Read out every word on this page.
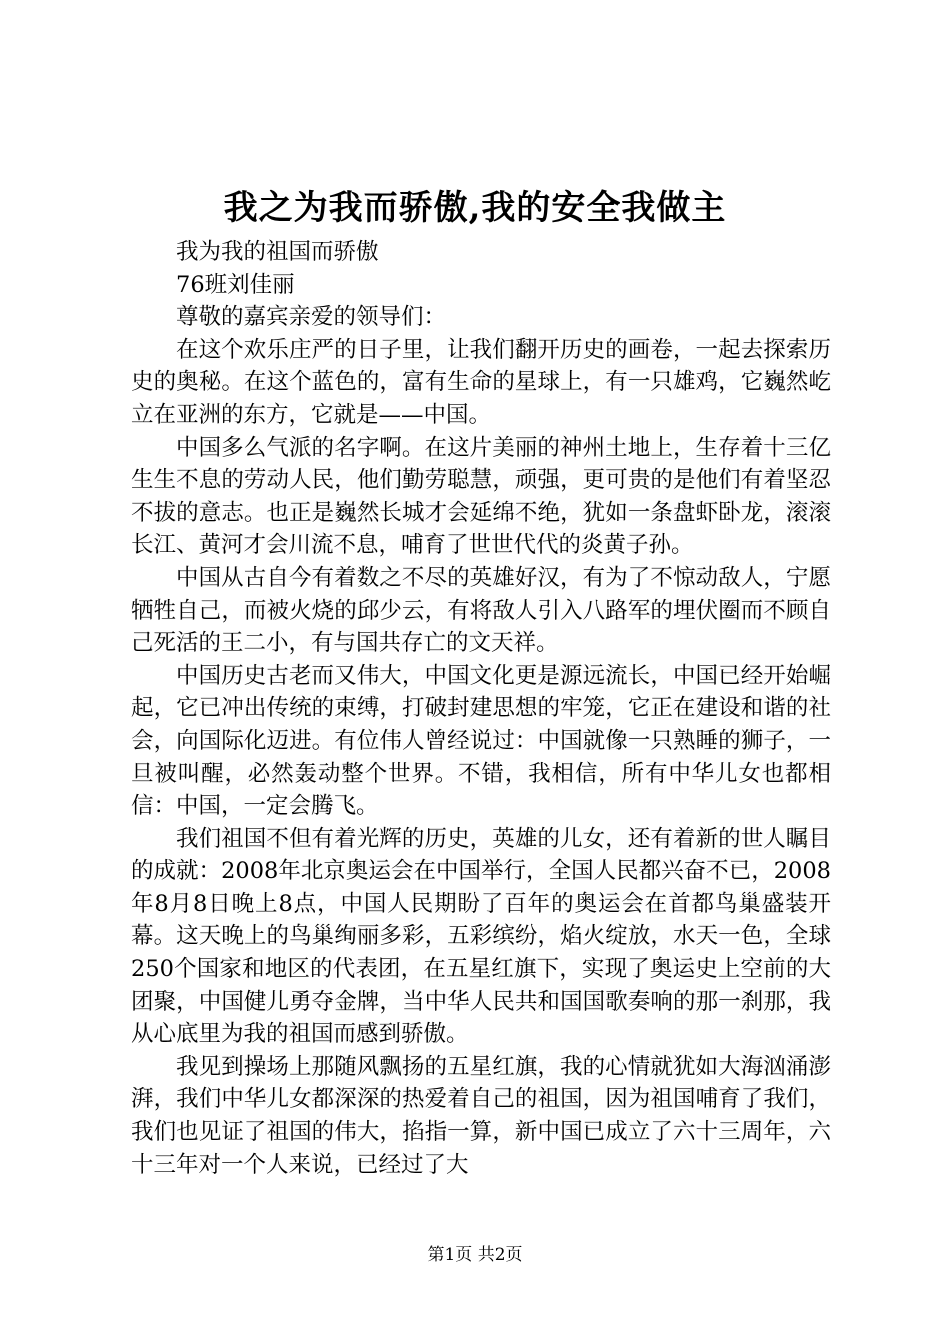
我之为我而骄傲,我的安全我做主

我为我的祖国而骄傲

76班刘佳丽

尊敬的嘉宾亲爱的领导们：

在这个欢乐庄严的日子里，让我们翻开历史的画卷，一起去探索历史的奥秘。在这个蓝色的，富有生命的星球上，有一只雄鸡，它巍然屹立在亚洲的东方，它就是——中国。

中国多么气派的名字啊。在这片美丽的神州土地上，生存着十三亿生生不息的劳动人民，他们勤劳聪慧，顽强，更可贵的是他们有着坚忍不拔的意志。也正是巍然长城才会延绵不绝，犹如一条盘虾卧龙，滚滚长江、黄河才会川流不息，哺育了世世代代的炎黄子孙。

中国从古自今有着数之不尽的英雄好汉，有为了不惊动敌人，宁愿牺牲自己，而被火烧的邱少云，有将敌人引入八路军的埋伏圈而不顾自己死活的王二小，有与国共存亡的文天祥。

中国历史古老而又伟大，中国文化更是源远流长，中国已经开始崛起，它已冲出传统的束缚，打破封建思想的牢笼，它正在建设和谐的社会，向国际化迈进。有位伟人曾经说过：中国就像一只熟睡的狮子，一旦被叫醒，必然轰动整个世界。不错，我相信，所有中华儿女也都相信：中国，一定会腾飞。

我们祖国不但有着光辉的历史，英雄的儿女，还有着新的世人瞩目的成就：2008年北京奥运会在中国举行，全国人民都兴奋不已，2008年8月8日晚上8点，中国人民期盼了百年的奥运会在首都鸟巢盛装开幕。这天晚上的鸟巢绚丽多彩，五彩缤纷，焰火绽放，水天一色，全球250个国家和地区的代表团，在五星红旗下，实现了奥运史上空前的大团聚，中国健儿勇夺金牌，当中华人民共和国国歌奏响的那一刹那，我从心底里为我的祖国而感到骄傲。

我见到操场上那随风飘扬的五星红旗，我的心情就犹如大海汹涌澎湃，我们中华儿女都深深的热爱着自己的祖国，因为祖国哺育了我们，我们也见证了祖国的伟大，掐指一算，新中国已成立了六十三周年，六十三年对一个人来说，已经过了大

第1页 共2页
